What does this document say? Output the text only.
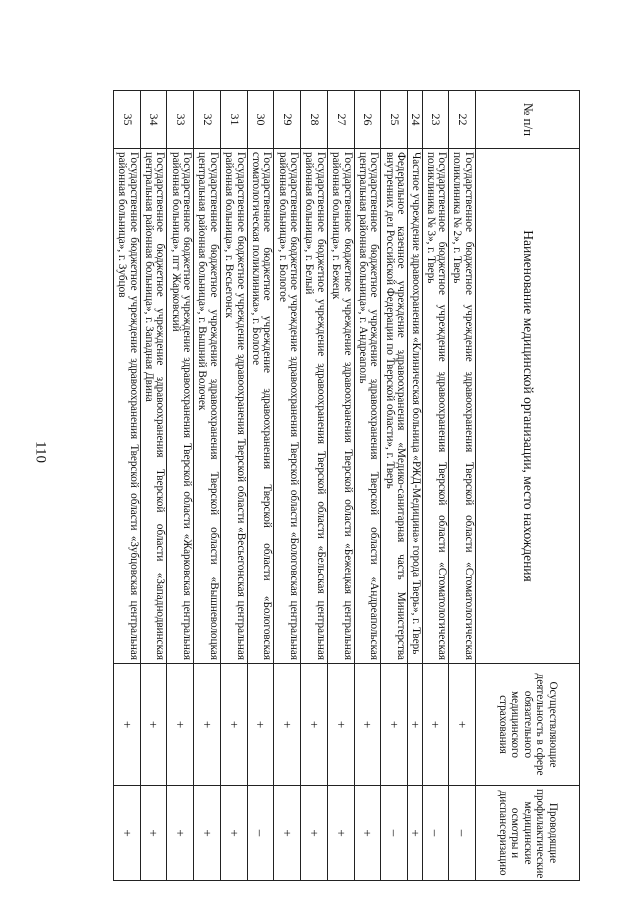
110
№ п/п	Наименование медицинской организации, место нахождения	Осуществляющие деятельность в сфере обязательного медицинского страхования	Проводящие профилактические медицинские осмотры и диспансеризацию
22	Государственное бюджетное учреждение здравоохранения Тверской области «Стоматологическая поликлиника № 2», г. Тверь	+	–
23	Государственное бюджетное учреждение здравоохранения Тверской области «Стоматологическая поликлиника № 3», г. Тверь	+	–
24	Частное учреждение здравоохранения «Клиническая больница «РЖД-Медицина» города Тверь», г. Тверь	+	+
25	Федеральное казенное учреждение здравоохранения «Медико-санитарная часть Министерства внутренних дел Российской Федерации по Тверской области», г. Тверь	+	–
26	Государственное бюджетное учреждение здравоохранения Тверской области «Андреапольская центральная районная больница», г. Андреаполь	+	+
27	Государственное бюджетное учреждение здравоохранения Тверской области «Бежецкая центральная районная больница», г. Бежецк	+	+
28	Государственное бюджетное учреждение здравоохранения Тверской области «Бельская центральная районная больница», г. Белый	+	+
29	Государственное бюджетное учреждение здравоохранения Тверской области «Бологовская центральная районная больница», г. Бологое	+	+
30	Государственное бюджетное учреждение здравоохранения Тверской области «Бологовская стоматологическая поликлиника», г. Бологое	+	–
31	Государственное бюджетное учреждение здравоохранения Тверской области «Весьегонская центральная районная больница», г. Весьегонск	+	+
32	Государственное бюджетное учреждение здравоохранения Тверской области «Вышневолоцкая центральная районная больница», г. Вышний Волочек	+	+
33	Государственное бюджетное учреждение здравоохранения Тверской области «Жарковская центральная районная больница», пгт Жарковский	+	+
34	Государственное бюджетное учреждение здравоохранения Тверской области «Западнодвинская центральная районная больница», г. Западная Двина	+	+
35	Государственное бюджетное учреждение здравоохранения Тверской области «Зубцовская центральная районная больница», г. Зубцов	+	+
